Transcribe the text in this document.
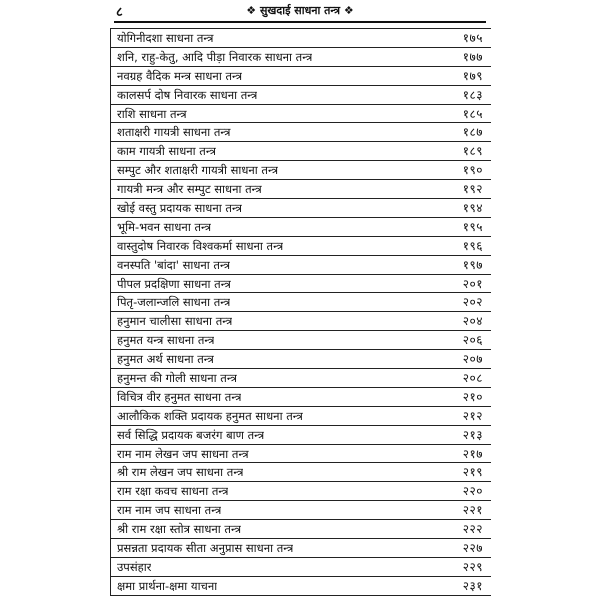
८	❖ सुखदाई साधना तन्त्र ❖
योगिनीदशा साधना तन्त्र	१७५
शनि, राहु-केतु, आदि पीड़ा निवारक साधना तन्त्र	१७७
नवग्रह वैदिक मन्त्र साधना तन्त्र	१७९
कालसर्प दोष निवारक साधना तन्त्र	१८३
राशि साधना तन्त्र	१८५
शताक्षरी गायत्री साधना तन्त्र	१८७
काम गायत्री साधना तन्त्र	१८९
सम्पुट और शताक्षरी गायत्री साधना तन्त्र	१९०
गायत्री मन्त्र और सम्पुट साधना तन्त्र	१९२
खोई वस्तु प्रदायक साधना तन्त्र	१९४
भूमि-भवन साधना तन्त्र	१९५
वास्तुदोष निवारक विश्वकर्मा साधना तन्त्र	१९६
वनस्पति 'बांदा' साधना तन्त्र	१९७
पीपल प्रदक्षिणा साधना तन्त्र	२०१
पितृ-जलान्जलि साधना तन्त्र	२०२
हनुमान चालीसा साधना तन्त्र	२०४
हनुमत यन्त्र साधना तन्त्र	२०६
हनुमत अर्थ साधना तन्त्र	२०७
हनुमन्त की गोली साधना तन्त्र	२०८
विचित्र वीर हनुमत साधना तन्त्र	२१०
आलौकिक शक्ति प्रदायक हनुमत साधना तन्त्र	२१२
सर्व सिद्धि प्रदायक बजरंग बाण तन्त्र	२१३
राम नाम लेखन जप साधना तन्त्र	२१७
श्री राम लेखन जप साधना तन्त्र	२१९
राम रक्षा कवच साधना तन्त्र	२२०
राम नाम जप साधना तन्त्र	२२१
श्री राम रक्षा स्तोत्र साधना तन्त्र	२२२
प्रसन्नता प्रदायक सीता अनुप्रास साधना तन्त्र	२२७
उपसंहार	२२९
क्षमा प्रार्थना-क्षमा याचना	२३१
